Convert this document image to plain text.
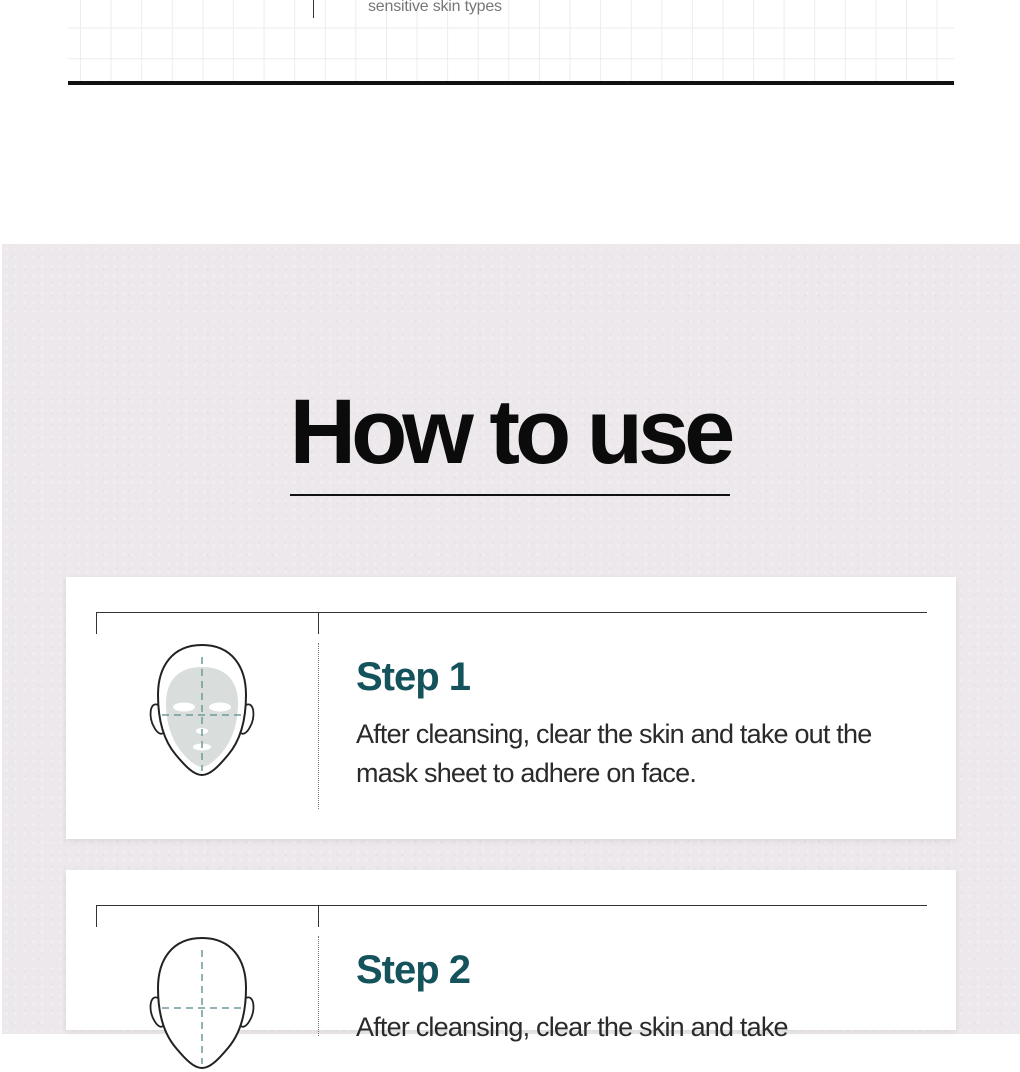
sensitive skin types
How to use
Step 1
After cleansing, clear the skin and take out the mask sheet to adhere on face.
Step 2
After cleansing, clear the skin and take
